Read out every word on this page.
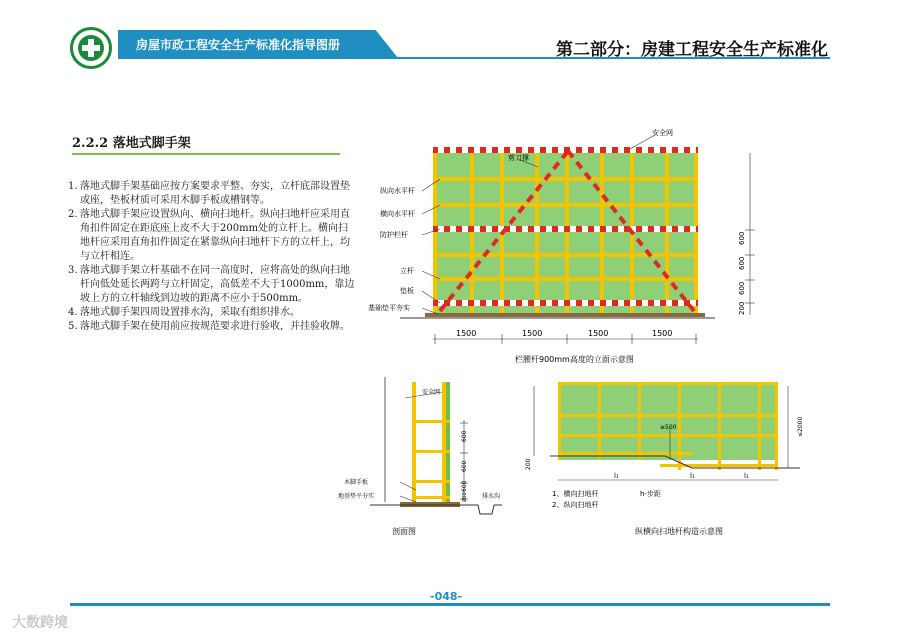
房屋市政工程安全生产标准化指导图册	第二部分：房建工程安全生产标准化
2.2.2 落地式脚手架
1. 落地式脚手架基础应按方案要求平整、夯实，立杆底部设置垫或座，垫板材质可采用木脚手板或槽钢等。
2. 落地式脚手架应设置纵向、横向扫地杆。纵向扫地杆应采用直角扣件固定在距底座上皮不大于200mm处的立杆上。横向扫地杆应采用直角扣件固定在紧靠纵向扫地杆下方的立杆上，均与立杆相连。
3. 落地式脚手架立杆基础不在同一高度时，应将高处的纵向扫地杆向低处延长两跨与立杆固定，高低差不大于1000mm，靠边坡上方的立杆轴线到边坡的距离不应小于500mm。
4. 落地式脚手架四周设置排水沟，采取有组织排水。
5. 落地式脚手架在使用前应按规范要求进行验收，并挂验收牌。
安全网
剪刀撑
纵向水平杆
横向水平杆
防护栏杆
立杆
垫板
基础垫平夯实
600
600
600
200
1500	1500	1500	1500
栏腰杆900mm高度的立面示意图
安全网
木脚手板
地基垫平夯实	排水沟
600
600
600
200
剖面图
≥500	≤2000
200
l₁	l₁	l₁
1、横向扫地杆
2、纵向扫地杆
h-步距
纵横向扫地杆构造示意图
-048-
大数跨境
